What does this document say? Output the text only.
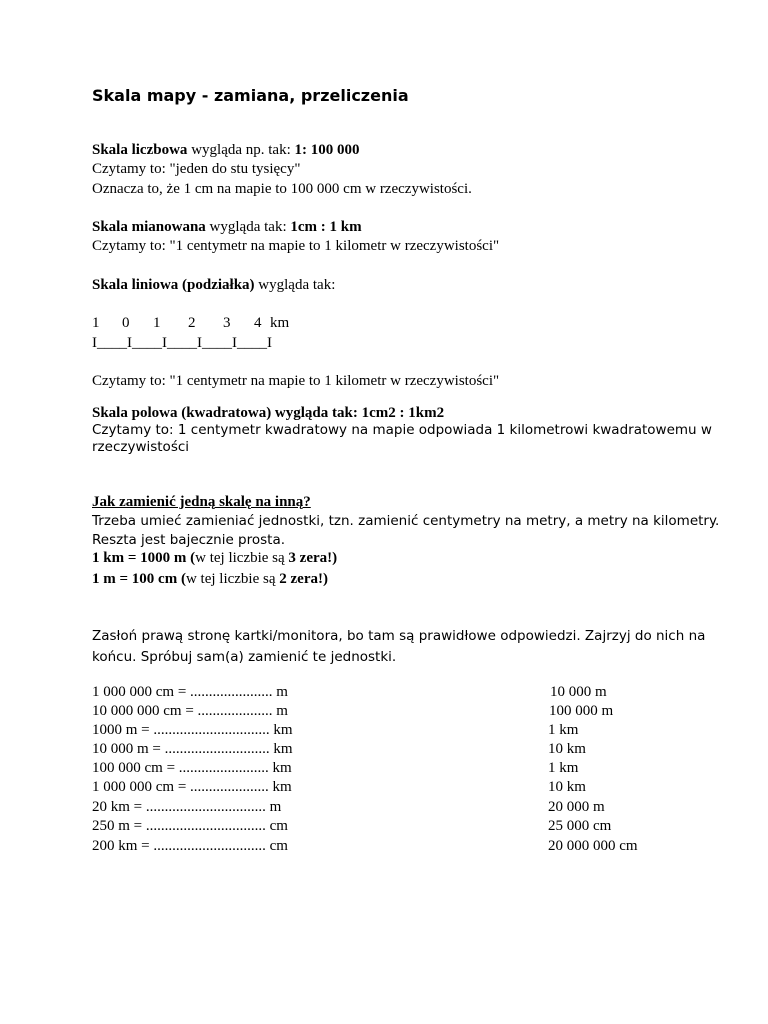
Skala mapy - zamiana, przeliczenia
Skala liczbowa wygląda np. tak: 1: 100 000
Czytamy to: "jeden do stu tysięcy"
Oznacza to, że 1 cm na mapie to 100 000 cm w rzeczywistości.
Skala mianowana wygląda tak: 1cm : 1 km
Czytamy to: "1 centymetr na mapie to 1 kilometr w rzeczywistości"
Skala liniowa (podziałka) wygląda tak:
1 0 1 2 3 4 km
I____I____I____I____I____I
Czytamy to: "1 centymetr na mapie to 1 kilometr w rzeczywistości"
Skala polowa (kwadratowa) wygląda tak: 1cm2 : 1km2
Czytamy to: 1 centymetr kwadratowy na mapie odpowiada 1 kilometrowi kwadratowemu w
rzeczywistości
Jak zamienić jedną skalę na inną?
Trzeba umieć zamieniać jednostki, tzn. zamienić centymetry na metry, a metry na kilometry.
Reszta jest bajecznie prosta.
1 km = 1000 m (w tej liczbie są 3 zera!)
1 m = 100 cm (w tej liczbie są 2 zera!)
Zasłoń prawą stronę kartki/monitora, bo tam są prawidłowe odpowiedzi. Zajrzyj do nich na
końcu. Spróbuj sam(a) zamienić te jednostki.
1 000 000 cm = ...................... m	10 000 m
10 000 000 cm = .................... m	100 000 m
1000 m = ............................... km	1 km
10 000 m = ............................ km	10 km
100 000 cm = ........................ km	1 km
1 000 000 cm = ..................... km	10 km
20 km = ................................ m	20 000 m
250 m = ................................ cm	25 000 cm
200 km = .............................. cm	20 000 000 cm
